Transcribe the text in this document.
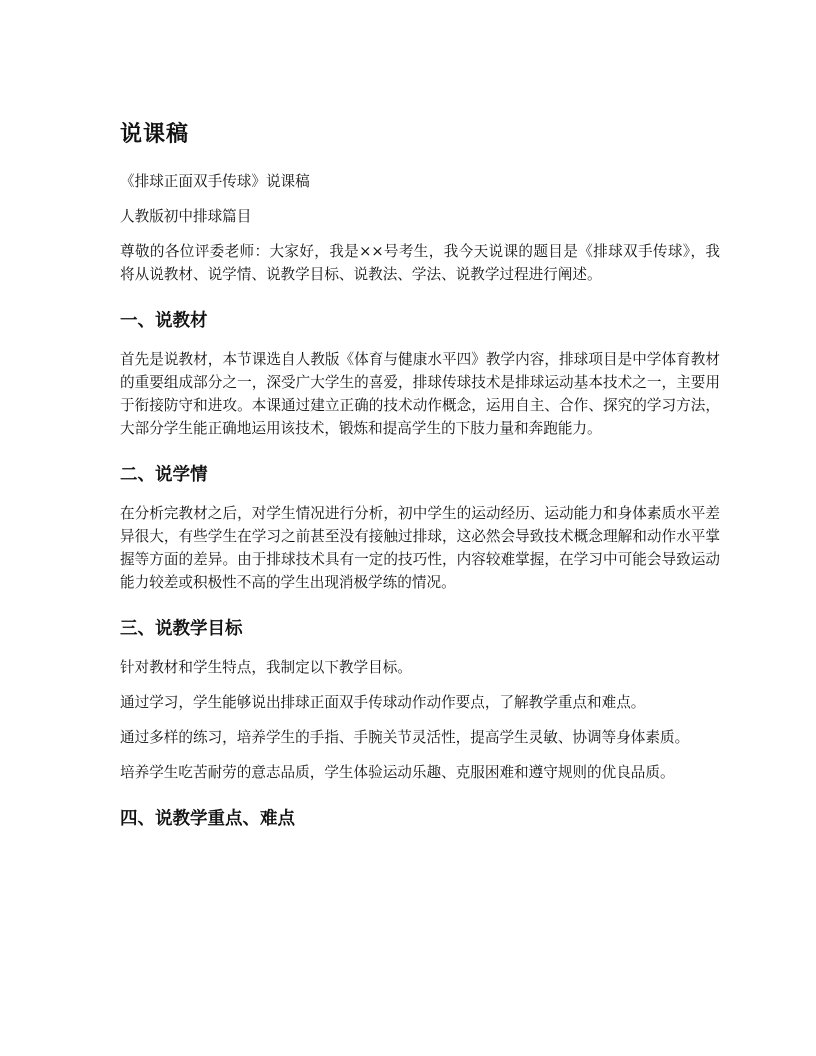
说课稿

《排球正面双手传球》说课稿

人教版初中排球篇目

尊敬的各位评委老师：大家好，我是××号考生，我今天说课的题目是《排球双手传球》，我将从说教材、说学情、说教学目标、说教法、学法、说教学过程进行阐述。

一、说教材

首先是说教材，本节课选自人教版《体育与健康水平四》教学内容，排球项目是中学体育教材的重要组成部分之一，深受广大学生的喜爱，排球传球技术是排球运动基本技术之一，主要用于衔接防守和进攻。本课通过建立正确的技术动作概念，运用自主、合作、探究的学习方法，大部分学生能正确地运用该技术，锻炼和提高学生的下肢力量和奔跑能力。

二、说学情

在分析完教材之后，对学生情况进行分析，初中学生的运动经历、运动能力和身体素质水平差异很大，有些学生在学习之前甚至没有接触过排球，这必然会导致技术概念理解和动作水平掌握等方面的差异。由于排球技术具有一定的技巧性，内容较难掌握，在学习中可能会导致运动能力较差或积极性不高的学生出现消极学练的情况。

三、说教学目标

针对教材和学生特点，我制定以下教学目标。

通过学习，学生能够说出排球正面双手传球动作动作要点，了解教学重点和难点。

通过多样的练习，培养学生的手指、手腕关节灵活性，提高学生灵敏、协调等身体素质。

培养学生吃苦耐劳的意志品质，学生体验运动乐趣、克服困难和遵守规则的优良品质。

四、说教学重点、难点
